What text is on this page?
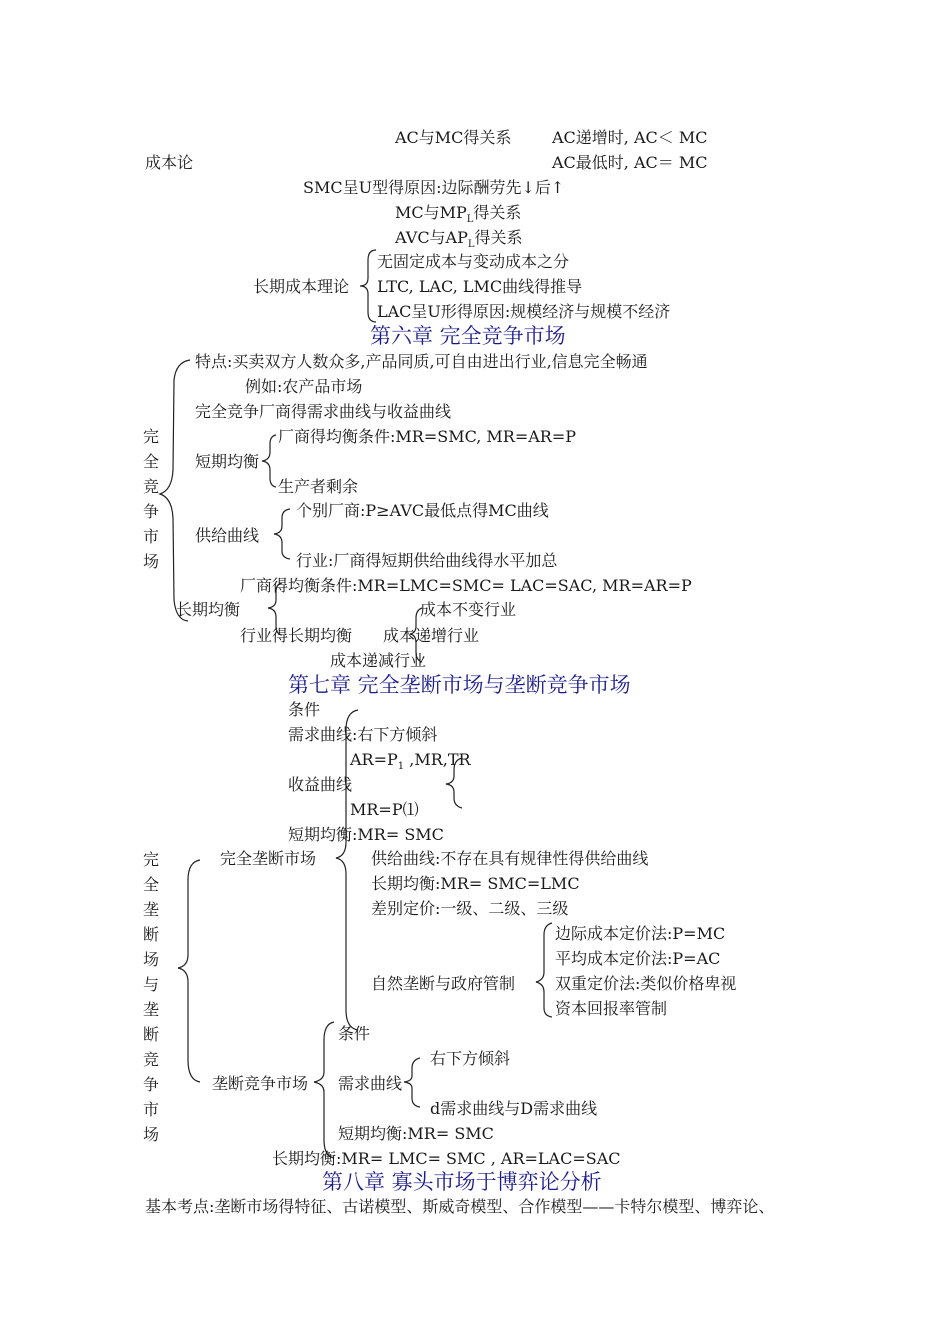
AC与MC得关系	AC递增时, AC＜ MC
成本论	AC最低时, AC＝ MC
SMC呈U型得原因:边际酬劳先↓后↑
MC与$MP_L$得关系
AVC与$AP_L$得关系
长期成本理论
无固定成本与变动成本之分
LTC, LAC, LMC曲线得推导
LAC呈U形得原因:规模经济与规模不经济
第六章 完全竞争市场
完
全
竞
争
市
场
特点:买卖双方人数众多,产品同质,可自由进出行业,信息完全畅通
例如:农产品市场
完全竞争厂商得需求曲线与收益曲线
短期均衡
厂商得均衡条件:MR=SMC, MR=AR=P
生产者剩余
供给曲线
个别厂商:P≥AVC最低点得MC曲线
行业:厂商得短期供给曲线得水平加总
厂商得均衡条件:MR=LMC=SMC= LAC=SAC, MR=AR=P
长期均衡	成本不变行业
行业得长期均衡 成本递增行业
成本递减行业
第七章 完全垄断市场与垄断竞争市场
完
全
垄
断
场
与
垄
断
竞
争
市
场
条件
需求曲线:右下方倾斜
$AR=P_1$ ,MR,TR
收益曲线
MR=P⑴
短期均衡:MR= SMC
完全垄断市场	供给曲线:不存在具有规律性得供给曲线
长期均衡:MR= SMC=LMC
差别定价:一级、二级、三级
边际成本定价法:P=MC
平均成本定价法:P=AC
自然垄断与政府管制 双重定价法:类似价格卑视
资本回报率管制
条件
右下方倾斜
垄断竞争市场 需求曲线
d需求曲线与D需求曲线
短期均衡:MR= SMC
长期均衡:MR= LMC= SMC , AR=LAC=SAC
第八章 寡头市场于博弈论分析
基本考点:垄断市场得特征、古诺模型、斯威奇模型、合作模型——卡特尔模型、博弈论、
